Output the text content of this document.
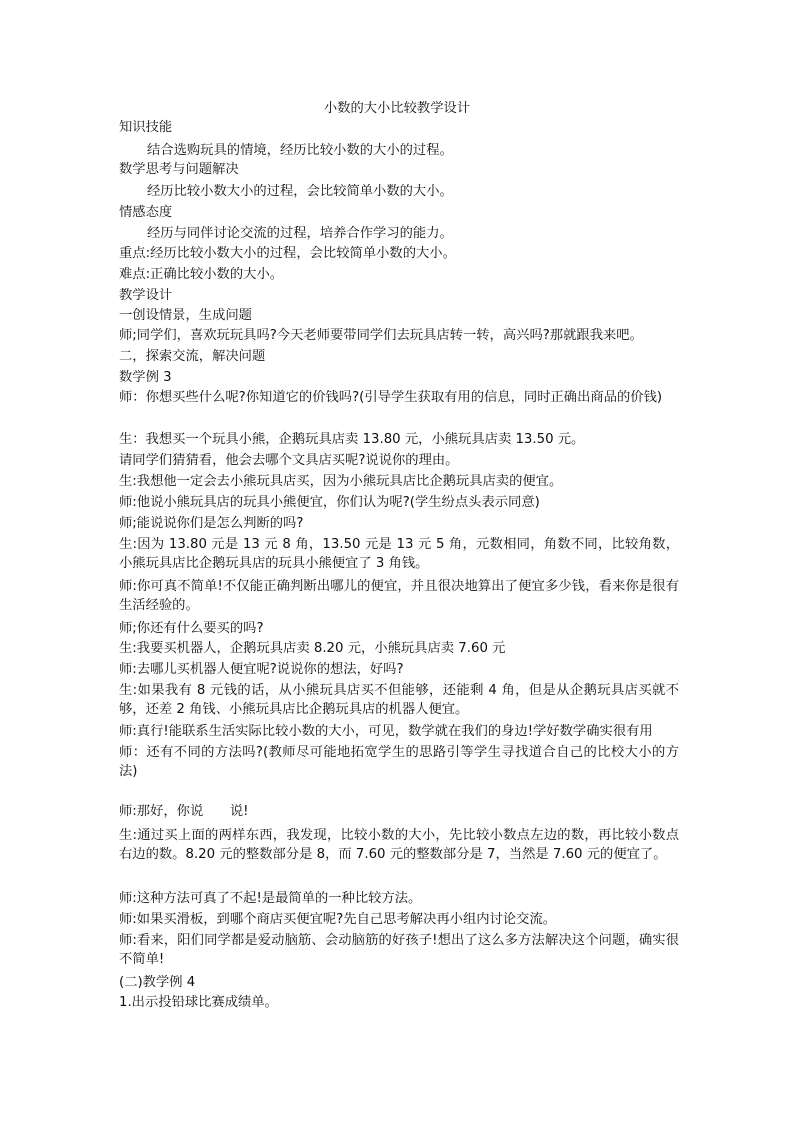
小数的大小比较教学设计

知识技能

结合选购玩具的情境，经历比较小数的大小的过程。

数学思考与问题解决

经历比较小数大小的过程，会比较简单小数的大小。

情感态度

经历与同伴讨论交流的过程，培养合作学习的能力。

重点:经历比较小数大小的过程，会比较简单小数的大小。

难点:正确比较小数的大小。

教学设计

一创设情景，生成问题

师;同学们，喜欢玩玩具吗?今天老师要带同学们去玩具店转一转，高兴吗?那就跟我来吧。

二，探索交流，解决问题

数学例 3

师：你想买些什么呢?你知道它的价钱吗?(引导学生获取有用的信息，同时正确出商品的价钱)

生：我想买一个玩具小熊，企鹅玩具店卖 13.80 元，小熊玩具店卖 13.50 元。

请同学们猜猜看，他会去哪个文具店买呢?说说你的理由。

生:我想他一定会去小熊玩具店买，因为小熊玩具店比企鹅玩具店卖的便宜。

师:他说小熊玩具店的玩具小熊便宜，你们认为呢?(学生纷点头表示同意)

师;能说说你们是怎么判断的吗?

生:因为 13.80 元是 13 元 8 角，13.50 元是 13 元 5 角，元数相同，角数不同，比较角数，小熊玩具店比企鹅玩具店的玩具小熊便宜了 3 角钱。

师:你可真不简单!不仅能正确判断出哪儿的便宜，并且很决地算出了便宜多少钱，看来你是很有生活经验的。

师;你还有什么要买的吗?

生:我要买机器人，企鹅玩具店卖 8.20 元，小熊玩具店卖 7.60 元

师:去哪儿买机器人便宜呢?说说你的想法，好吗?

生:如果我有 8 元钱的话，从小熊玩具店买不但能够，还能剩 4 角，但是从企鹅玩具店买就不够，还差 2 角钱、小熊玩具店比企鹅玩具店的机器人便宜。

师:真行!能联系生活实际比较小数的大小，可见，数学就在我们的身边!学好数学确实很有用

师：还有不同的方法吗?(教师尽可能地拓宽学生的思路引等学生寻找道合自己的比校大小的方法)

师:那好，你说　　说!

生:通过买上面的两样东西，我发现，比较小数的大小，先比较小数点左边的数，再比较小数点右边的数。8.20 元的整数部分是 8，而 7.60 元的整数部分是 7，当然是 7.60 元的便宜了。

师:这种方法可真了不起!是最简单的一种比较方法。

师:如果买滑板，到哪个商店买便宜呢?先自己思考解决再小组内讨论交流。

师:看来，阳们同学都是爱动脑筋、会动脑筋的好孩子!想出了这么多方法解决这个问题，确实很不简单!

(二)教学例 4

1.出示投铅球比赛成绩单。
